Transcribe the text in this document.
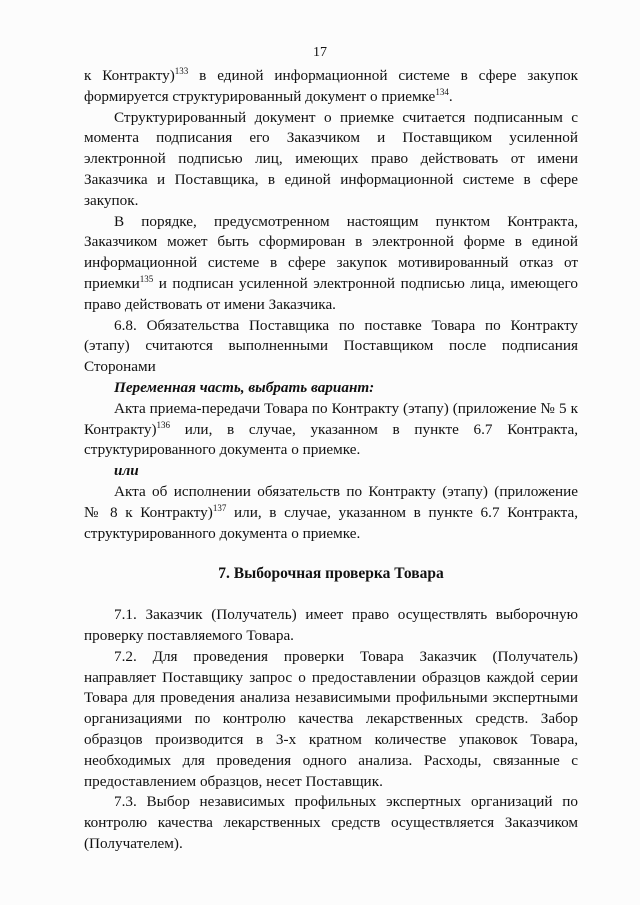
17

к Контракту)$^{133}$ в единой информационной системе в сфере закупок формируется структурированный документ о приемке$^{134}$.

Структурированный документ о приемке считается подписанным с момента подписания его Заказчиком и Поставщиком усиленной электронной подписью лиц, имеющих право действовать от имени Заказчика и Поставщика, в единой информационной системе в сфере закупок.

В порядке, предусмотренном настоящим пунктом Контракта, Заказчиком может быть сформирован в электронной форме в единой информационной системе в сфере закупок мотивированный отказ от приемки$^{135}$ и подписан усиленной электронной подписью лица, имеющего право действовать от имени Заказчика.

6.8. Обязательства Поставщика по поставке Товара по Контракту (этапу) считаются выполненными Поставщиком после подписания Сторонами

Переменная часть, выбрать вариант:

Акта приема-передачи Товара по Контракту (этапу) (приложение № 5 к Контракту)$^{136}$ или, в случае, указанном в пункте 6.7 Контракта, структурированного документа о приемке.

или

Акта об исполнении обязательств по Контракту (этапу) (приложение № 8 к Контракту)$^{137}$ или, в случае, указанном в пункте 6.7 Контракта, структурированного документа о приемке.

7. Выборочная проверка Товара

7.1. Заказчик (Получатель) имеет право осуществлять выборочную проверку поставляемого Товара.

7.2. Для проведения проверки Товара Заказчик (Получатель) направляет Поставщику запрос о предоставлении образцов каждой серии Товара для проведения анализа независимыми профильными экспертными организациями по контролю качества лекарственных средств. Забор образцов производится в 3-х кратном количестве упаковок Товара, необходимых для проведения одного анализа. Расходы, связанные с предоставлением образцов, несет Поставщик.

7.3. Выбор независимых профильных экспертных организаций по контролю качества лекарственных средств осуществляется Заказчиком (Получателем).
